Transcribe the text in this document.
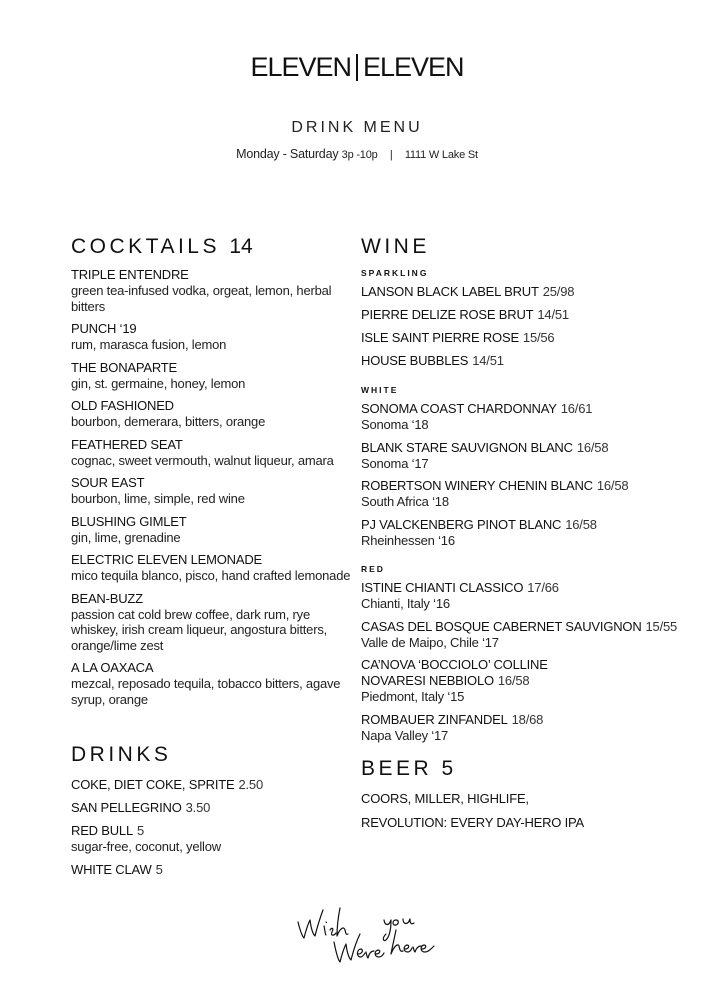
ELEVEN ELEVEN
DRINK MENU
Monday - Saturday 3p -10p | 1111 W Lake St
COCKTAILS 14
TRIPLE ENTENDRE
green tea-infused vodka, orgeat, lemon, herbal bitters
PUNCH ‘19
rum, marasca fusion, lemon
THE BONAPARTE
gin, st. germaine, honey, lemon
OLD FASHIONED
bourbon, demerara, bitters, orange
FEATHERED SEAT
cognac, sweet vermouth, walnut liqueur, amara
SOUR EAST
bourbon, lime, simple, red wine
BLUSHING GIMLET
gin, lime, grenadine
ELECTRIC ELEVEN LEMONADE
mico tequila blanco, pisco, hand crafted lemonade
BEAN-BUZZ
passion cat cold brew coffee, dark rum, rye whiskey, irish cream liqueur, angostura bitters, orange/lime zest
A LA OAXACA
mezcal, reposado tequila, tobacco bitters, agave syrup, orange
DRINKS
COKE, DIET COKE, SPRITE 2.50
SAN PELLEGRINO 3.50
RED BULL 5
sugar-free, coconut, yellow
WHITE CLAW 5
WINE
SPARKLING
LANSON BLACK LABEL BRUT 25/98
PIERRE DELIZE ROSE BRUT 14/51
ISLE SAINT PIERRE ROSE 15/56
HOUSE BUBBLES 14/51
WHITE
SONOMA COAST CHARDONNAY 16/61
Sonoma ‘18
BLANK STARE SAUVIGNON BLANC 16/58
Sonoma ‘17
ROBERTSON WINERY CHENIN BLANC 16/58
South Africa ‘18
PJ VALCKENBERG PINOT BLANC 16/58
Rheinhessen ‘16
RED
ISTINE CHIANTI CLASSICO 17/66
Chianti, Italy ‘16
CASAS DEL BOSQUE CABERNET SAUVIGNON 15/55
Valle de Maipo, Chile ‘17
CA’NOVA ‘BOCCIOLO’ COLLINE NOVARESI NEBBIOLO 16/58
Piedmont, Italy ‘15
ROMBAUER ZINFANDEL 18/68
Napa Valley ‘17
BEER 5
COORS, MILLER, HIGHLIFE,
REVOLUTION: EVERY DAY-HERO IPA
